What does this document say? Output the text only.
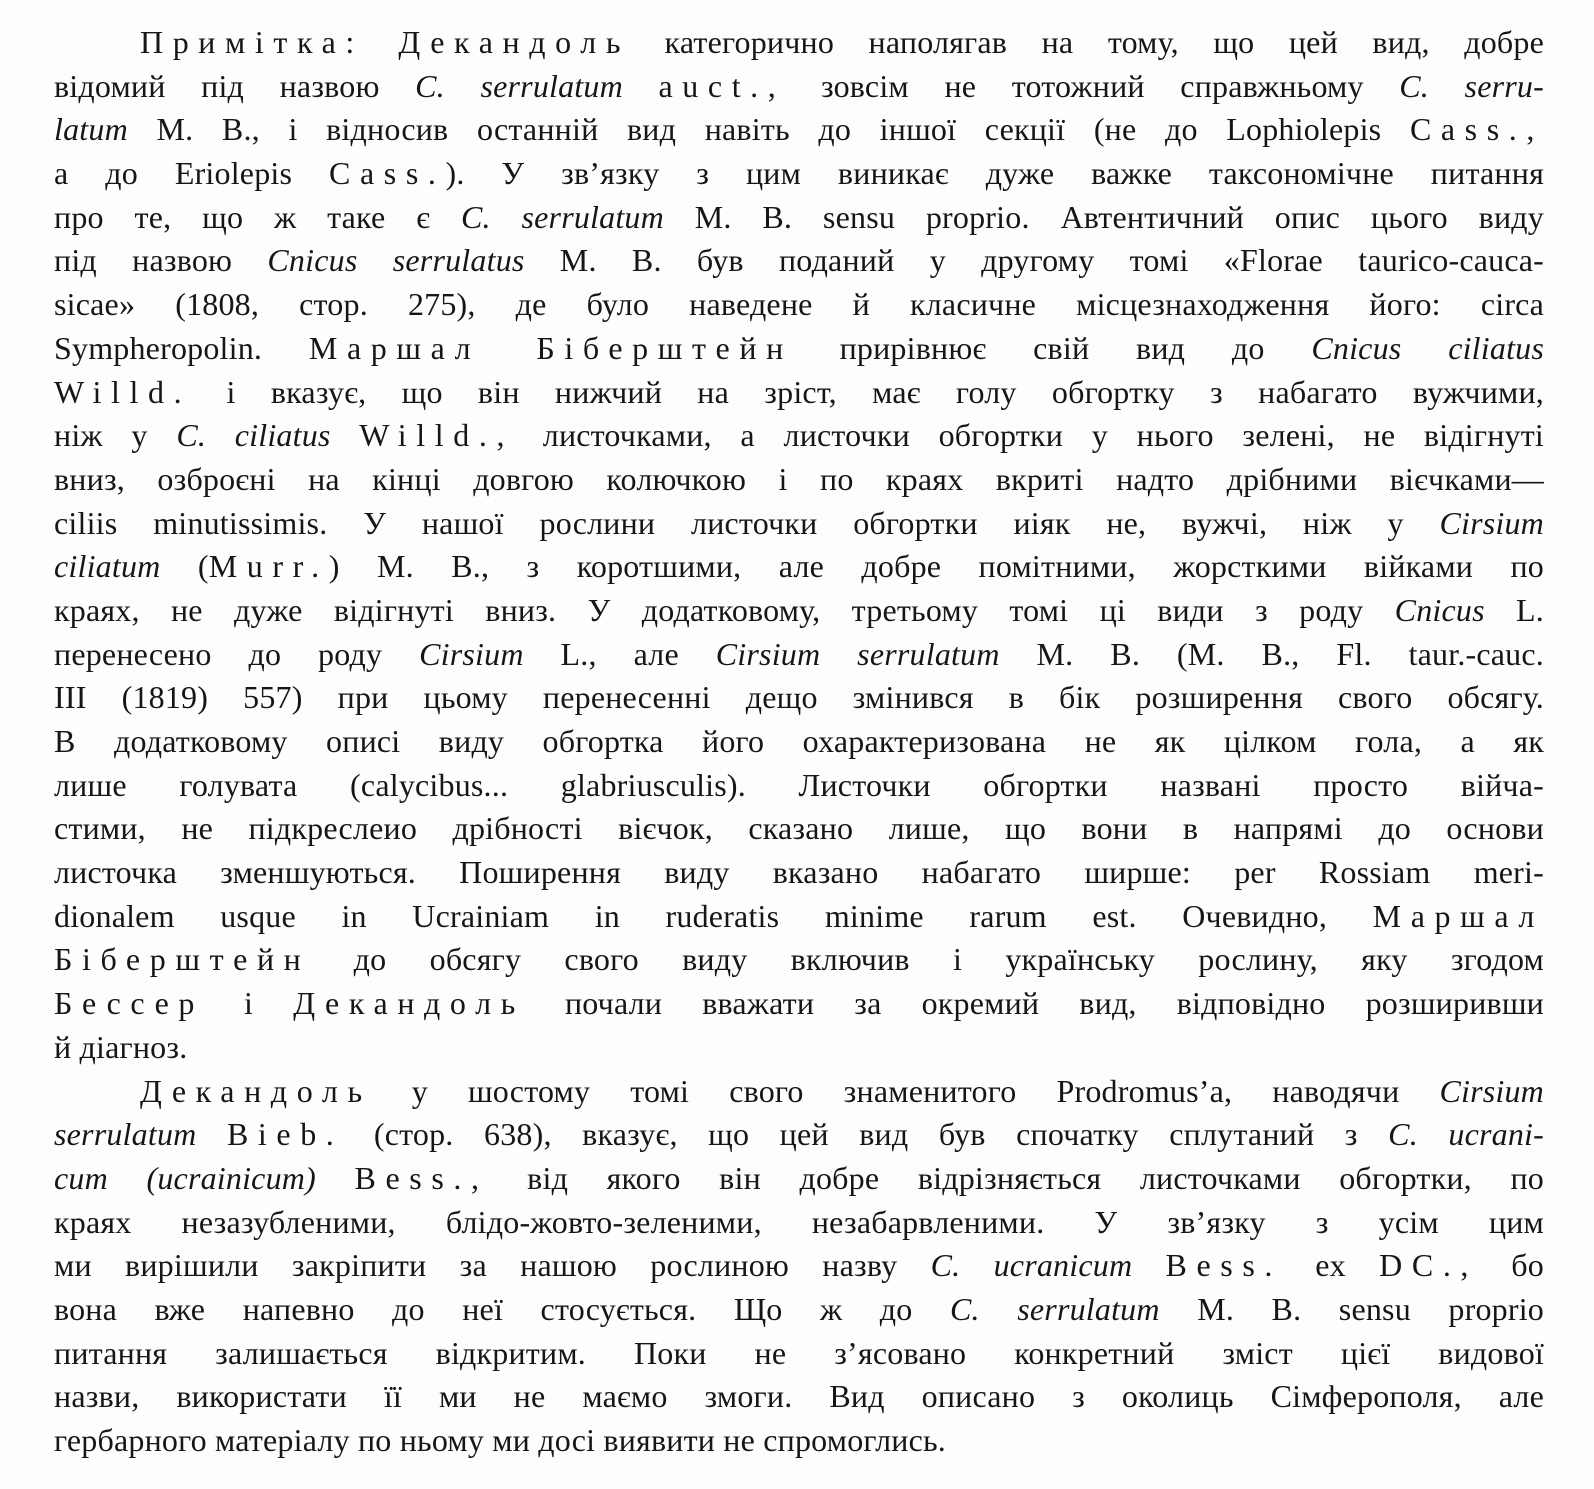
Примітка: Декандоль категорично наполягав на тому, що цей вид, добре
відомий під назвою C. serrulatum auct., зовсім не тотожний справжньому C. serru-
latum М. В., і відносив останній вид навіть до іншої секції (не до Lophiolepis Cass.,
а до Eriolepis Cass.). У зв’язку з цим виникає дуже важке таксономічне питання
про те, що ж таке є C. serrulatum М. В. sensu proprio. Автентичний опис цього виду
під назвою Cnicus serrulatus М. В. був поданий у другому томі «Florae taurico-cauca-
sicae» (1808, стор. 275), де було наведене й класичне місцезнаходження його: circa
Sympheropolin. Маршал Біберштейн прирівнює свій вид до Cnicus ciliatus
Willd. і вказує, що він нижчий на зріст, має голу обгортку з набагато вужчими,
ніж у C. ciliatus Willd., листочками, а листочки обгортки у нього зелені, не відігнуті
вниз, озброєні на кінці довгою колючкою і по краях вкриті надто дрібними вієчками—
ciliis minutissimis. У нашої рослини листочки обгортки иіяк не, вужчі, ніж у Cirsium
ciliatum (Murr.) М. В., з коротшими, але добре помітними, жорсткими війками по
краях, не дуже відігнуті вниз. У додатковому, третьому томі ці види з роду Cnicus L.
перенесено до роду Cirsium L., але Cirsium serrulatum М. В. (М. В., Fl. taur.-cauc.
III (1819) 557) при цьому перенесенні дещо змінився в бік розширення свого обсягу.
В додатковому описі виду обгортка його охарактеризована не як цілком гола, а як
лише голувата (calycibus... glabriusculis). Листочки обгортки названі просто війча-
стими, не підкреслеио дрібності вієчок, сказано лише, що вони в напрямі до основи
листочка зменшуються. Поширення виду вказано набагато ширше: per Rossiam meri-
dionalem usque in Ucrainiam in ruderatis minime rarum est. Очевидно, Маршал
Біберштейн до обсягу свого виду включив і українську рослину, яку згодом
Бессер і Декандоль почали вважати за окремий вид, відповідно розширивши
й діагноз.
Декандоль у шостому томі свого знаменитого Prodromus’а, наводячи Cirsium
serrulatum Bieb. (стор. 638), вказує, що цей вид був спочатку сплутаний з C. ucrani-
cum (ucrainicum) Bess., від якого він добре відрізняється листочками обгортки, по
краях незазубленими, блідо-жовто-зеленими, незабарвленими. У зв’язку з усім цим
ми вирішили закріпити за нашою рослиною назву C. ucranicum Bess. ex DC., бо
вона вже напевно до неї стосується. Що ж до C. serrulatum М. В. sensu proprio
питання залишається відкритим. Поки не з’ясовано конкретний зміст цієї видової
назви, використати її ми не маємо змоги. Вид описано з околиць Сімферополя, але
гербарного матеріалу по ньому ми досі виявити не спромоглись.
